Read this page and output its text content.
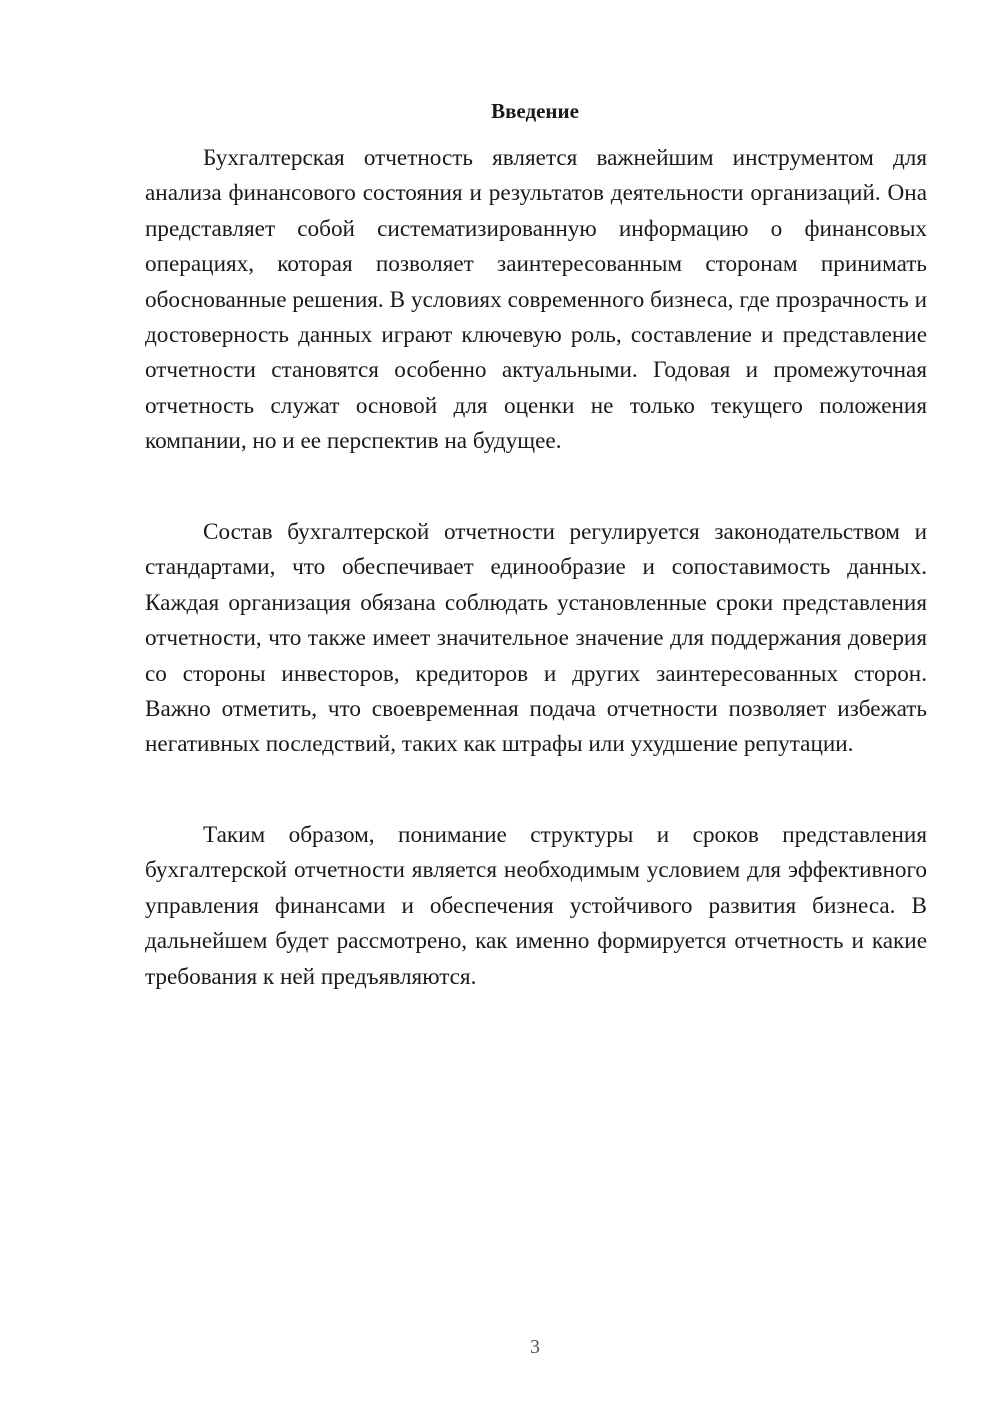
Введение

Бухгалтерская отчетность является важнейшим инструментом для анализа финансового состояния и результатов деятельности организаций. Она представляет собой систематизированную информацию о финансовых операциях, которая позволяет заинтересованным сторонам принимать обоснованные решения. В условиях современного бизнеса, где прозрачность и достоверность данных играют ключевую роль, составление и представление отчетности становятся особенно актуальными. Годовая и промежуточная отчетность служат основой для оценки не только текущего положения компании, но и ее перспектив на будущее.

Состав бухгалтерской отчетности регулируется законодательством и стандартами, что обеспечивает единообразие и сопоставимость данных. Каждая организация обязана соблюдать установленные сроки представления отчетности, что также имеет значительное значение для поддержания доверия со стороны инвесторов, кредиторов и других заинтересованных сторон. Важно отметить, что своевременная подача отчетности позволяет избежать негативных последствий, таких как штрафы или ухудшение репутации.

Таким образом, понимание структуры и сроков представления бухгалтерской отчетности является необходимым условием для эффективного управления финансами и обеспечения устойчивого развития бизнеса. В дальнейшем будет рассмотрено, как именно формируется отчетность и какие требования к ней предъявляются.

3
